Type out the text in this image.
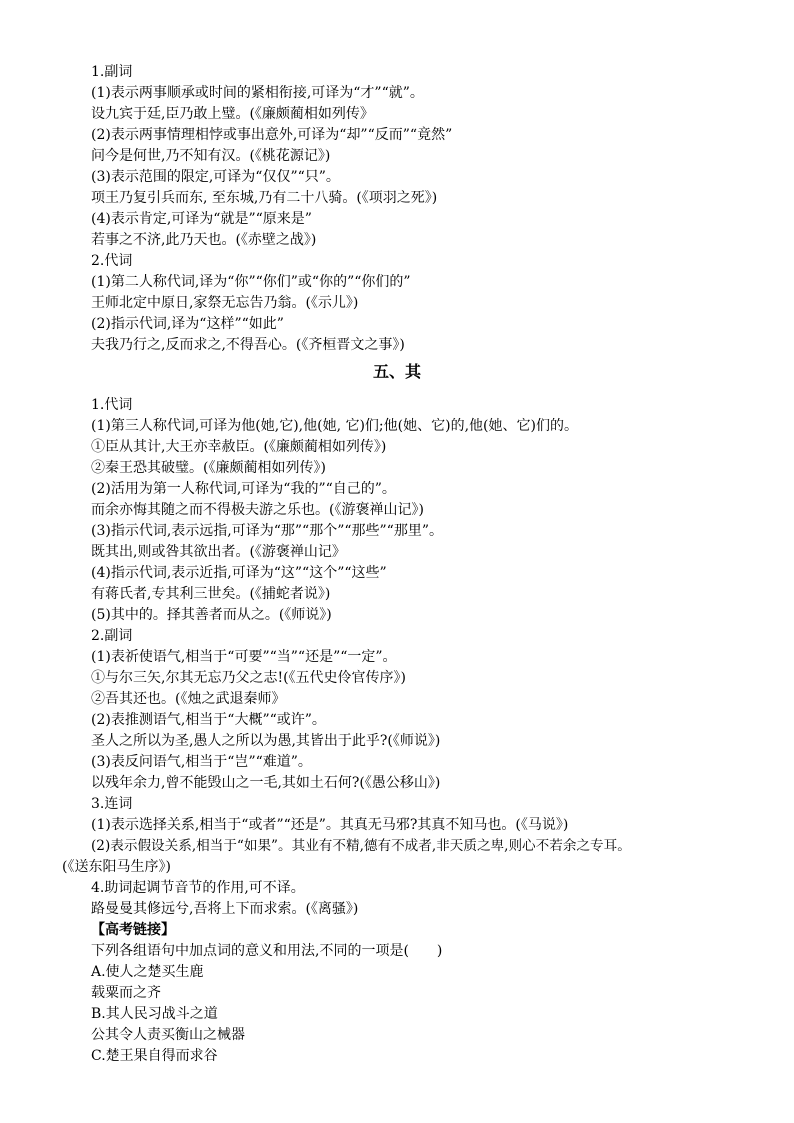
1.副词
(1)表示两事顺承或时间的紧相衔接,可译为“才”“就”。
设九宾于廷,臣乃敢上璧。(《廉颇蔺相如列传》
(2)表示两事情理相悖或事出意外,可译为“却”“反而”“竟然”
问今是何世,乃不知有汉。(《桃花源记》)
(3)表示范围的限定,可译为“仅仅”“只”。
项王乃复引兵而东, 至东城,乃有二十八骑。(《项羽之死》)
(4)表示肯定,可译为“就是”“原来是”
若事之不济,此乃天也。(《赤壁之战》)
2.代词
(1)第二人称代词,译为“你”“你们”或“你的”“你们的”
王师北定中原日,家祭无忘告乃翁。(《示儿》)
(2)指示代词,译为“这样”“如此”
夫我乃行之,反而求之,不得吾心。(《齐桓晋文之事》)
五、其
1.代词
(1)第三人称代词,可译为他(她,它),他(她, 它)们;他(她、它)的,他(她、它)们的。
①臣从其计,大王亦幸赦臣。(《廉颇蔺相如列传》)
②秦王恐其破璧。(《廉颇蔺相如列传》)
(2)活用为第一人称代词,可译为“我的”“自己的”。
而余亦悔其随之而不得极夫游之乐也。(《游褒禅山记》)
(3)指示代词,表示远指,可译为“那”“那个”“那些”“那里”。
既其出,则或咎其欲出者。(《游褒禅山记》
(4)指示代词,表示近指,可译为“这”“这个”“这些”
有蒋氏者,专其利三世矣。(《捕蛇者说》)
(5)其中的。择其善者而从之。(《师说》)
2.副词
(1)表祈使语气,相当于“可要”“当”“还是”“一定”。
①与尔三矢,尔其无忘乃父之志!(《五代史伶官传序》)
②吾其还也。(《烛之武退秦师》
(2)表推测语气,相当于“大概”“或许”。
圣人之所以为圣,愚人之所以为愚,其皆出于此乎?(《师说》)
(3)表反问语气,相当于“岂”“难道”。
以残年余力,曾不能毁山之一毛,其如土石何?(《愚公移山》)
3.连词
(1)表示选择关系,相当于“或者”“还是”。其真无马邪?其真不知马也。(《马说》)
(2)表示假设关系,相当于“如果”。其业有不精,德有不成者,非天质之卑,则心不若余之专耳。
(《送东阳马生序》)
4.助词起调节音节的作用,可不译。
路曼曼其修远兮,吾将上下而求索。(《离骚》)
【高考链接】
下列各组语句中加点词的意义和用法,不同的一项是(　　)
A.使人之楚买生鹿
载粟而之齐
B.其人民习战斗之道
公其令人责买衡山之械器
C.楚王果自得而求谷
